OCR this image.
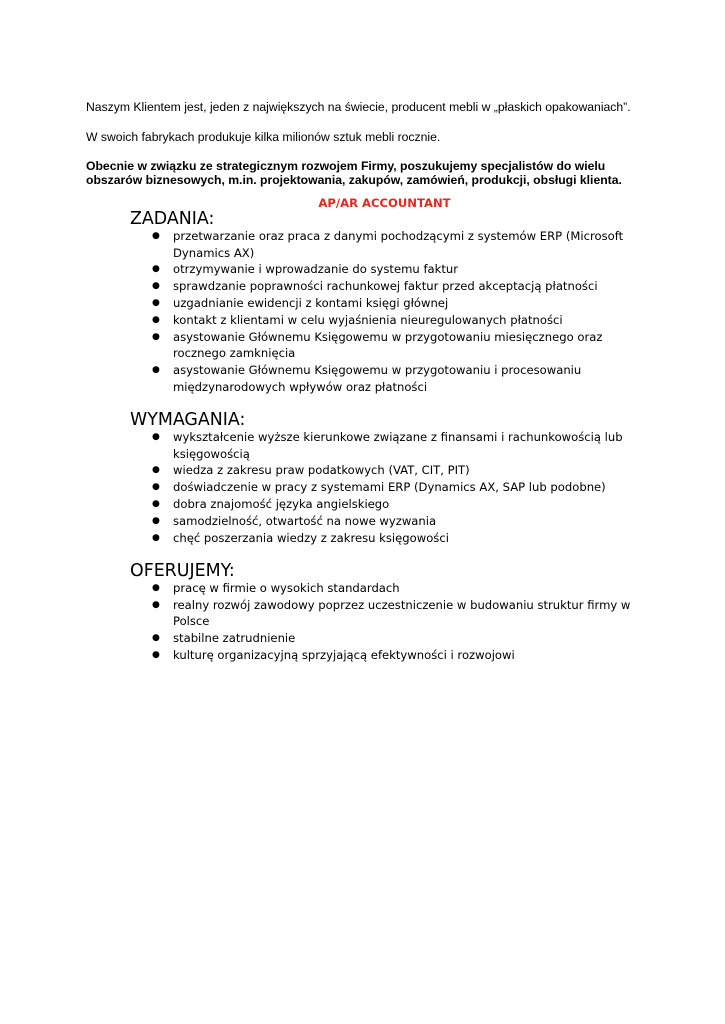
Naszym Klientem jest, jeden z największych na świecie, producent mebli w „płaskich opakowaniach”.

W swoich fabrykach produkuje kilka milionów sztuk mebli rocznie.

Obecnie w związku ze strategicznym rozwojem Firmy, poszukujemy specjalistów do wielu obszarów biznesowych, m.in. projektowania, zakupów, zamówień, produkcji, obsługi klienta.

AP/AR ACCOUNTANT
ZADANIA:
● przetwarzanie oraz praca z danymi pochodzącymi z systemów ERP (Microsoft Dynamics AX)
● otrzymywanie i wprowadzanie do systemu faktur
● sprawdzanie poprawności rachunkowej faktur przed akceptacją płatności
● uzgadnianie ewidencji z kontami księgi głównej
● kontakt z klientami w celu wyjaśnienia nieuregulowanych płatności
● asystowanie Głównemu Księgowemu w przygotowaniu miesięcznego oraz rocznego zamknięcia
● asystowanie Głównemu Księgowemu w przygotowaniu i procesowaniu międzynarodowych wpływów oraz płatności
WYMAGANIA:
● wykształcenie wyższe kierunkowe związane z finansami i rachunkowością lub księgowością
● wiedza z zakresu praw podatkowych (VAT, CIT, PIT)
● doświadczenie w pracy z systemami ERP (Dynamics AX, SAP lub podobne)
● dobra znajomość języka angielskiego
● samodzielność, otwartość na nowe wyzwania
● chęć poszerzania wiedzy z zakresu księgowości
OFERUJEMY:
● pracę w firmie o wysokich standardach
● realny rozwój zawodowy poprzez uczestniczenie w budowaniu struktur firmy w Polsce
● stabilne zatrudnienie
● kulturę organizacyjną sprzyjającą efektywności i rozwojowi
